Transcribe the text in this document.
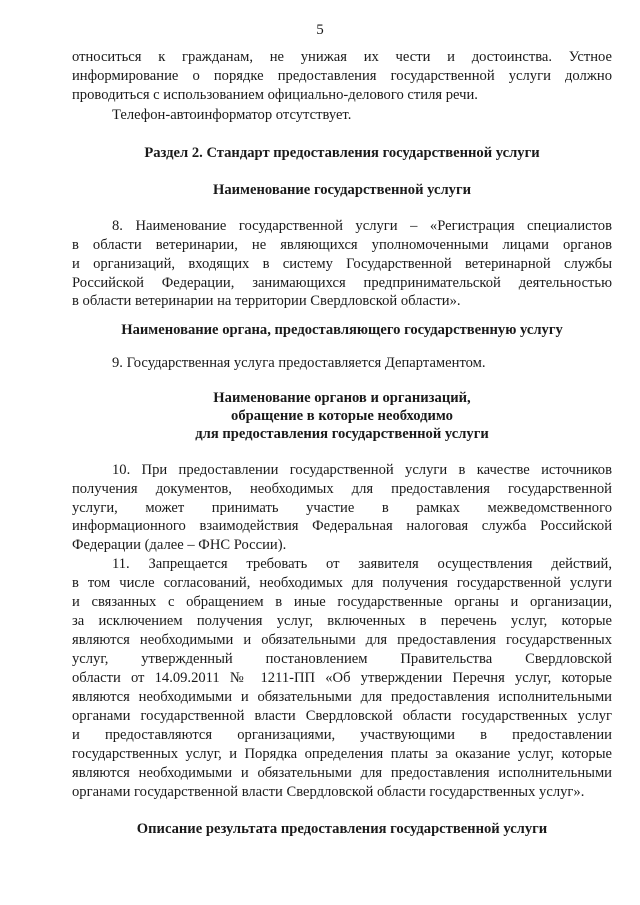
5
относиться к гражданам, не унижая их чести и достоинства. Устное
информирование о порядке предоставления государственной услуги должно
проводиться с использованием официально-делового стиля речи.
Телефон-автоинформатор отсутствует.
Раздел 2. Стандарт предоставления государственной услуги
Наименование государственной услуги
8. Наименование государственной услуги – «Регистрация специалистов
в области ветеринарии, не являющихся уполномоченными лицами органов
и организаций, входящих в систему Государственной ветеринарной службы
Российской Федерации, занимающихся предпринимательской деятельностью
в области ветеринарии на территории Свердловской области».
Наименование органа, предоставляющего государственную услугу
9. Государственная услуга предоставляется Департаментом.
Наименование органов и организаций,
обращение в которые необходимо
для предоставления государственной услуги
10. При предоставлении государственной услуги в качестве источников
получения документов, необходимых для предоставления государственной
услуги, может принимать участие в рамках межведомственного
информационного взаимодействия Федеральная налоговая служба Российской
Федерации (далее – ФНС России).
11. Запрещается требовать от заявителя осуществления действий,
в том числе согласований, необходимых для получения государственной услуги
и связанных с обращением в иные государственные органы и организации,
за исключением получения услуг, включенных в перечень услуг, которые
являются необходимыми и обязательными для предоставления государственных
услуг, утвержденный постановлением Правительства Свердловской
области от 14.09.2011 № 1211-ПП «Об утверждении Перечня услуг, которые
являются необходимыми и обязательными для предоставления исполнительными
органами государственной власти Свердловской области государственных услуг
и предоставляются организациями, участвующими в предоставлении
государственных услуг, и Порядка определения платы за оказание услуг, которые
являются необходимыми и обязательными для предоставления исполнительными
органами государственной власти Свердловской области государственных услуг».
Описание результата предоставления государственной услуги
